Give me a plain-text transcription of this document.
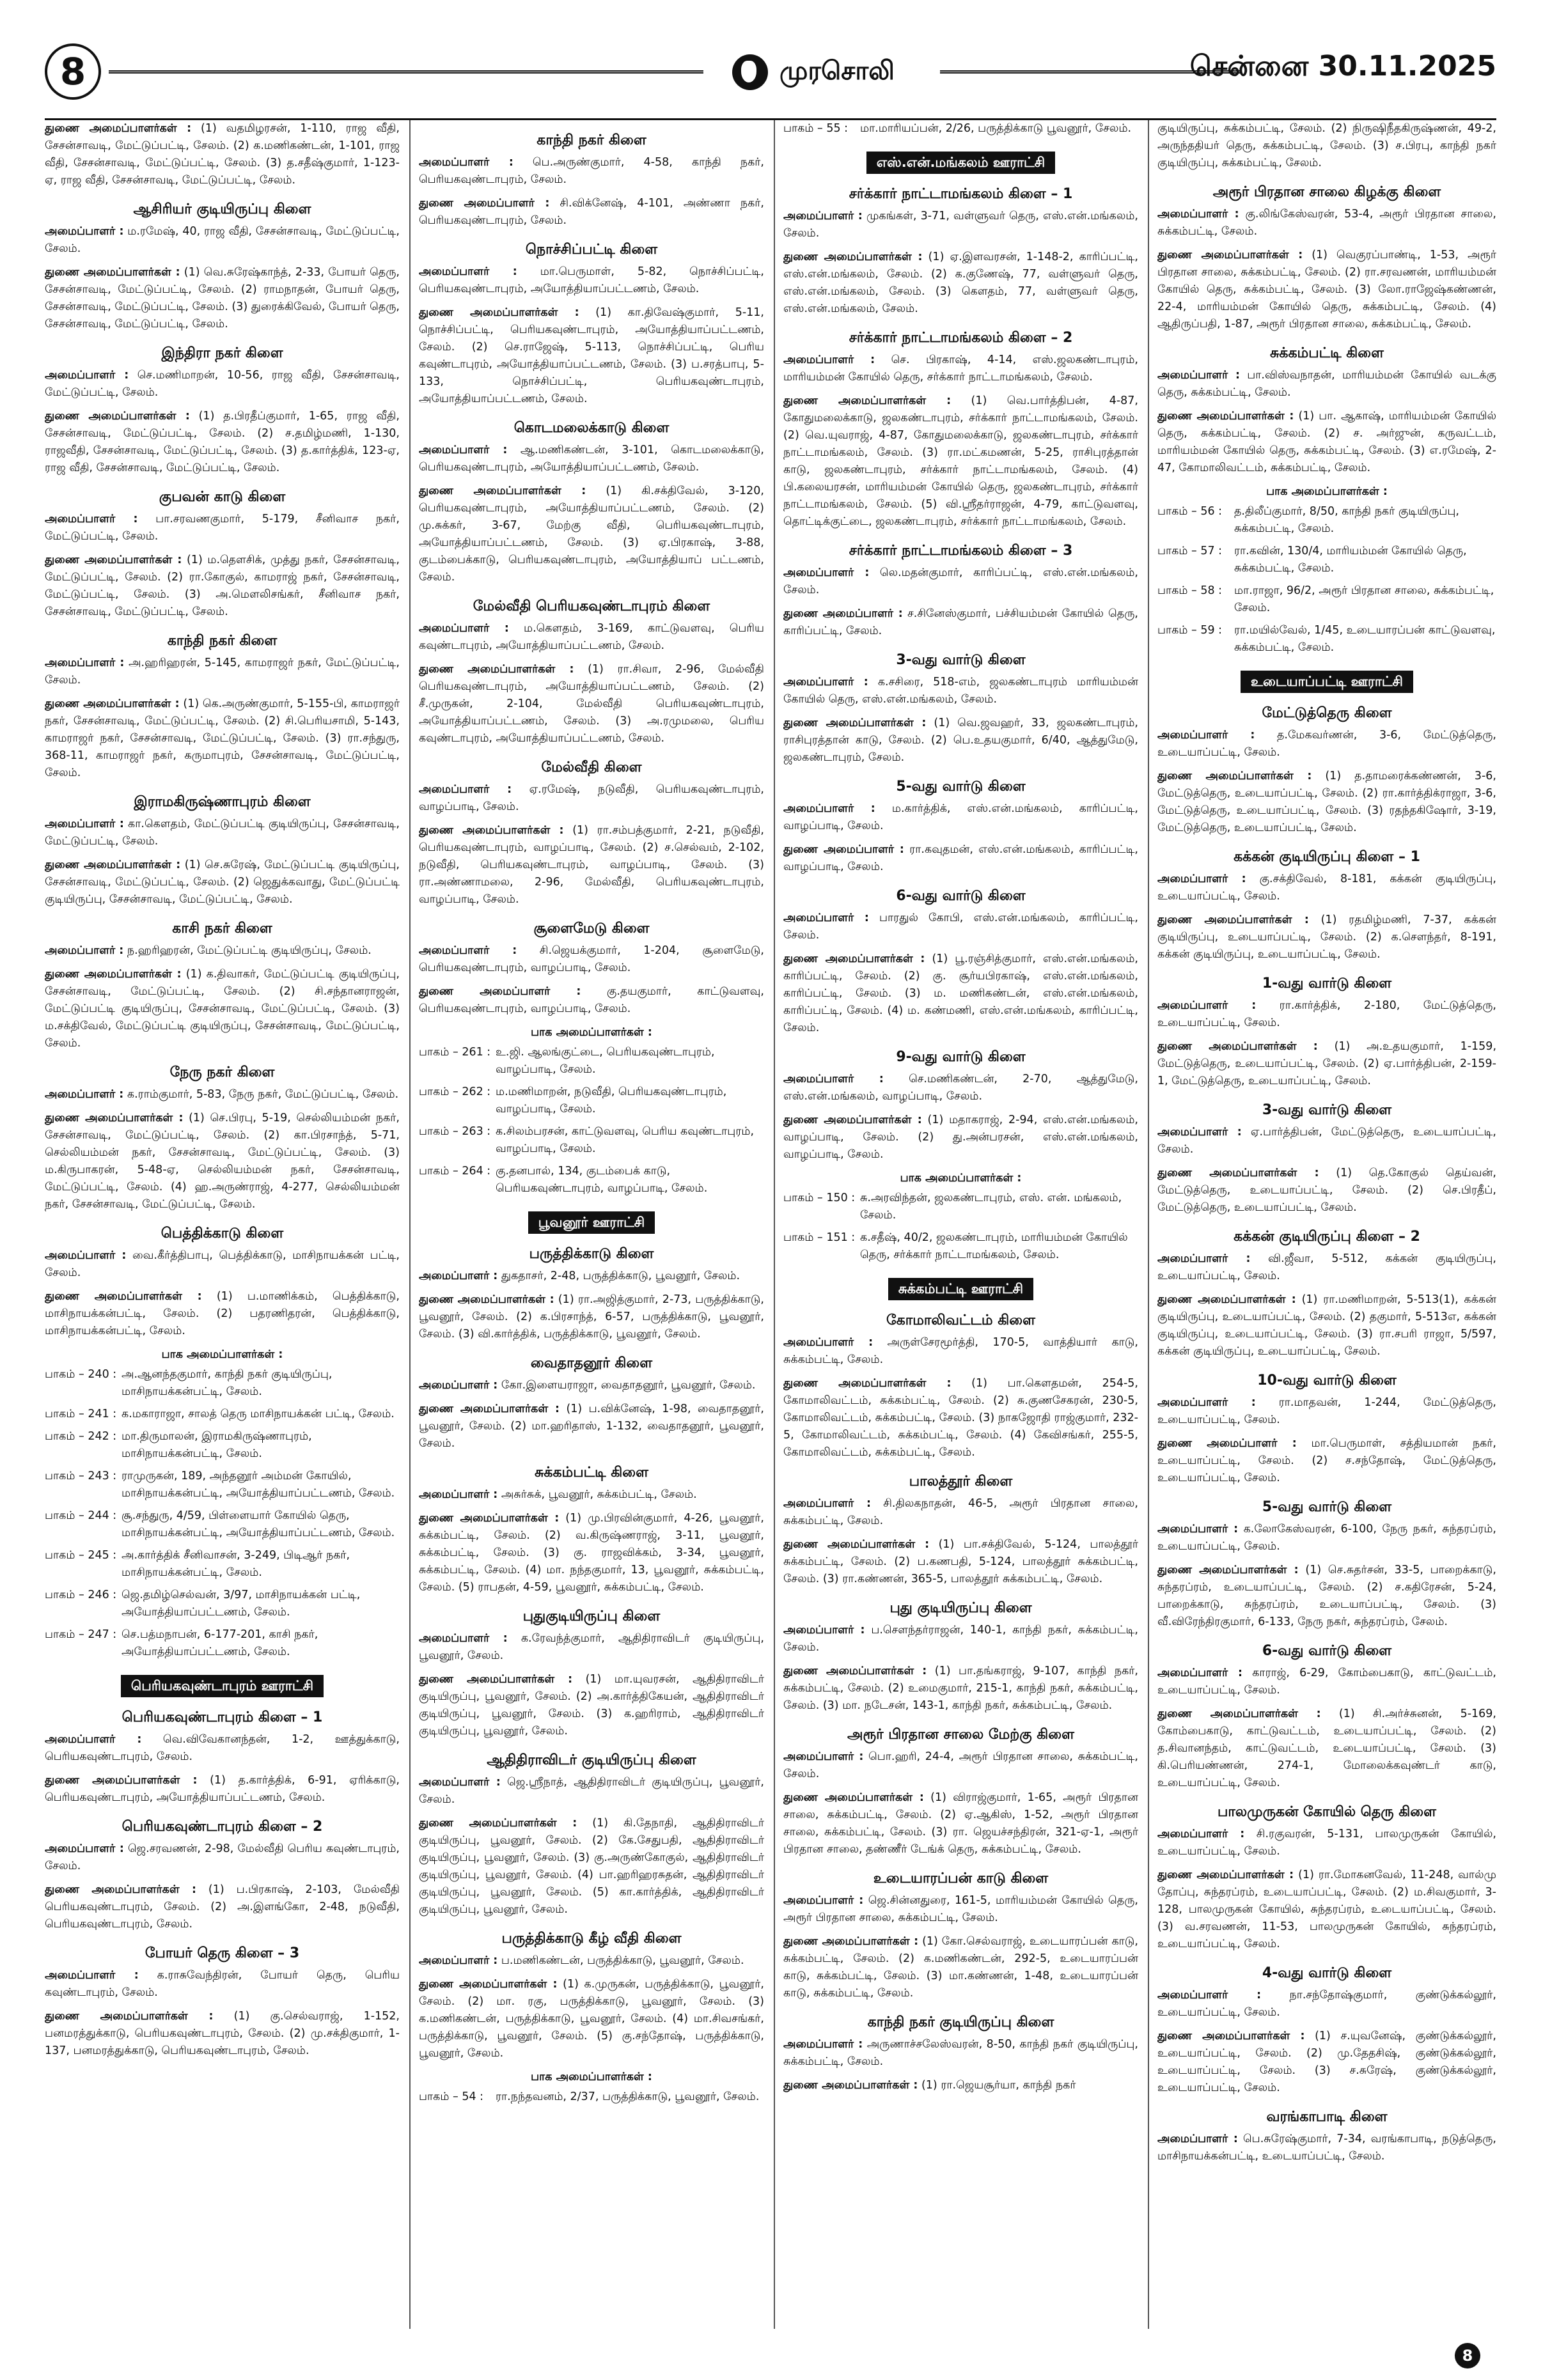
8	முரசொலி	சென்னை 30.11.2025

துணை அமைப்பாளர்கள் : (1) வதமிழரசன், 1-110, ராஜ வீதி, சேசன்சாவடி, மேட்டுப்பட்டி, சேலம். (2) க.மணிகண்டன், 1-101, ராஜ வீதி, சேசன்சாவடி, மேட்டுப்பட்டி, சேலம். (3) த.சதீஷ்குமார், 1-123-ஏ, ராஜ வீதி, சேசன்சாவடி, மேட்டுப்பட்டி, சேலம்.

ஆசிரியர் குடியிருப்பு கிளை

அமைப்பாளர் : ம.ரமேஷ், 40, ராஜ வீதி, சேசன்சாவடி, மேட்டுப்பட்டி, சேலம்.

துணை அமைப்பாளர்கள் : (1) வெ.சுரேஷ்காந்த், 2-33, போயர் தெரு, சேசன்சாவடி, மேட்டுப்பட்டி, சேலம். (2) ராமநாதன், போயர் தெரு, சேசன்சாவடி, மேட்டுப்பட்டி, சேலம். (3) துரைக்கிவேல், போயர் தெரு, சேசன்சாவடி, மேட்டுப்பட்டி, சேலம்.

இந்திரா நகர் கிளை

அமைப்பாளர் : செ.மணிமாறன், 10-56, ராஜ வீதி, சேசன்சாவடி, மேட்டுப்பட்டி, சேலம்.

துணை அமைப்பாளர்கள் : (1) த.பிரதீப்குமார், 1-65, ராஜ வீதி, சேசன்சாவடி, மேட்டுப்பட்டி, சேலம். (2) ச.தமிழ்மணி, 1-130, ராஜவீதி, சேசன்சாவடி, மேட்டுப்பட்டி, சேலம். (3) த.கார்த்திக், 123-ஏ, ராஜ வீதி, சேசன்சாவடி, மேட்டுப்பட்டி, சேலம்.

குபவன் காடு கிளை

அமைப்பாளர் : பா.சரவணகுமார், 5-179, சீனிவாச நகர், மேட்டுப்பட்டி, சேலம்.

துணை அமைப்பாளர்கள் : (1) ம.தெளசிக், முத்து நகர், சேசன்சாவடி, மேட்டுப்பட்டி, சேலம். (2) ரா.கோகுல், காமராஜ் நகர், சேசன்சாவடி, மேட்டுப்பட்டி, சேலம். (3) அ.மெளலிசங்கர், சீனிவாச நகர், சேசன்சாவடி, மேட்டுப்பட்டி, சேலம்.

காந்தி நகர் கிளை

அமைப்பாளர் : அ.ஹரிஹரன், 5-145, காமராஜர் நகர், மேட்டுப்பட்டி, சேலம்.

துணை அமைப்பாளர்கள் : (1) கெ.அருண்குமார், 5-155-பி, காமராஜர் நகர், சேசன்சாவடி, மேட்டுப்பட்டி, சேலம். (2) சி.பெரியசாமி, 5-143, காமராஜர் நகர், சேசன்சாவடி, மேட்டுப்பட்டி, சேலம். (3) ரா.சந்துரு, 368-11, காமராஜர் நகர், கருமாபுரம், சேசன்சாவடி, மேட்டுப்பட்டி, சேலம்.

இராமகிருஷ்ணாபுரம் கிளை

அமைப்பாளர் : கா.கௌதம், மேட்டுப்பட்டி குடியிருப்பு, சேசன்சாவடி, மேட்டுப்பட்டி, சேலம்.

துணை அமைப்பாளர்கள் : (1) செ.சுரேஷ், மேட்டுப்பட்டி குடியிருப்பு, சேசன்சாவடி, மேட்டுப்பட்டி, சேலம். (2) ஜெதுக்கவாது, மேட்டுப்பட்டி குடியிருப்பு, சேசன்சாவடி, மேட்டுப்பட்டி, சேலம்.

காசி நகர் கிளை

அமைப்பாளர் : ந.ஹரிஹரன், மேட்டுப்பட்டி குடியிருப்பு, சேலம்.

துணை அமைப்பாளர்கள் : (1) க.திவாகர், மேட்டுப்பட்டி குடியிருப்பு, சேசன்சாவடி, மேட்டுப்பட்டி, சேலம். (2) சி.சந்தானராஜன், மேட்டுப்பட்டி குடியிருப்பு, சேசன்சாவடி, மேட்டுப்பட்டி, சேலம். (3) ம.சக்திவேல், மேட்டுப்பட்டி குடியிருப்பு, சேசன்சாவடி, மேட்டுப்பட்டி, சேலம்.

நேரு நகர் கிளை

அமைப்பாளர் : க.ராம்குமார், 5-83, நேரு நகர், மேட்டுப்பட்டி, சேலம்.

துணை அமைப்பாளர்கள் : (1) செ.பிரபு, 5-19, செல்லியம்மன் நகர், சேசன்சாவடி, மேட்டுப்பட்டி, சேலம். (2) கா.பிரசாந்த், 5-71, செல்லியம்மன் நகர், சேசன்சாவடி, மேட்டுப்பட்டி, சேலம். (3) ம.கிருபாகரன், 5-48-ஏ, செல்லியம்மன் நகர், சேசன்சாவடி, மேட்டுப்பட்டி, சேலம். (4) ஹ.அருண்ராஜ், 4-277, செல்லியம்மன் நகர், சேசன்சாவடி, மேட்டுப்பட்டி, சேலம்.

பெத்திக்காடு கிளை

அமைப்பாளர் : வை.கீர்த்திபாபு, பெத்திக்காடு, மாசிநாயக்கன் பட்டி, சேலம்.

துணை அமைப்பாளர்கள் : (1) ப.மாணிக்கம், பெத்திக்காடு, மாசிநாயக்கன்பட்டி, சேலம். (2) பதரணிதரன், பெத்திக்காடு, மாசிநாயக்கன்பட்டி, சேலம்.

பாக அமைப்பாளர்கள் :
பாகம் – 240 : அ.ஆனந்தகுமார், காந்தி நகர் குடியிருப்பு, மாசிநாயக்கன்பட்டி, சேலம்.
பாகம் – 241 : க.மகாராஜா, சாலத் தெரு மாசிநாயக்கன் பட்டி, சேலம்.
பாகம் – 242 : மா.திருமாலன், இராமகிருஷ்ணாபுரம், மாசிநாயக்கன்பட்டி, சேலம்.
பாகம் – 243 : ராமுருகன், 189, அந்தனூர் அம்மன் கோயில், மாசிநாயக்கன்பட்டி, அயோத்தியாப்பட்டணம், சேலம்.
பாகம் – 244 : சூ.சந்துரு, 4/59, பிள்ளையார் கோயில் தெரு, மாசிநாயக்கன்பட்டி, அயோத்தியாப்பட்டணம், சேலம்.
பாகம் – 245 : அ.கார்த்திக் சீனிவாசன், 3-249, பிடிஆர் நகர், மாசிநாயக்கன்பட்டி, சேலம்.
பாகம் – 246 : ஜெ.தமிழ்செல்வன், 3/97, மாசிநாயக்கன் பட்டி, அயோத்தியாப்பட்டணம், சேலம்.
பாகம் – 247 : செ.பத்மநாபன், 6-177-201, காசி நகர், அயோத்தியாப்பட்டணம், சேலம்.
பெரியகவுண்டாபுரம் ஊராட்சி
பெரியகவுண்டாபுரம் கிளை – 1

அமைப்பாளர் : வெ.விவேகானந்தன், 1-2, ஊத்துக்காடு, பெரியகவுண்டாபுரம், சேலம்.

துணை அமைப்பாளர்கள் : (1) த.கார்த்திக், 6-91, ஏரிக்காடு, பெரியகவுண்டாபுரம், அயோத்தியாப்பட்டணம், சேலம்.

பெரியகவுண்டாபுரம் கிளை – 2

அமைப்பாளர் : ஜெ.சரவணன், 2-98, மேல்வீதி பெரிய கவுண்டாபுரம், சேலம்.

துணை அமைப்பாளர்கள் : (1) ப.பிரகாஷ், 2-103, மேல்வீதி பெரியகவுண்டாபுரம், சேலம். (2) அ.இளங்கோ, 2-48, நடுவீதி, பெரியகவுண்டாபுரம், சேலம்.

போயர் தெரு கிளை – 3

அமைப்பாளர் : க.ராசுவேந்திரன், போயர் தெரு, பெரிய கவுண்டாபுரம், சேலம்.

துணை அமைப்பாளர்கள் : (1) கு.செல்வராஜ், 1-152, பனமரத்துக்காடு, பெரியகவுண்டாபுரம், சேலம். (2) மு.சக்திகுமார், 1-137, பனமரத்துக்காடு, பெரியகவுண்டாபுரம், சேலம்.

காந்தி நகர் கிளை

அமைப்பாளர் : பெ.அருண்குமார், 4-58, காந்தி நகர், பெரியகவுண்டாபுரம், சேலம்.

துணை அமைப்பாளர் : சி.விக்னேஷ், 4-101, அண்ணா நகர், பெரியகவுண்டாபுரம், சேலம்.

நொச்சிப்பட்டி கிளை

அமைப்பாளர் : மா.பெருமாள், 5-82, நொச்சிப்பட்டி, பெரியகவுண்டாபுரம், அயோத்தியாப்பட்டணம், சேலம்.

துணை அமைப்பாளர்கள் : (1) கா.திவேஷ்குமார், 5-11, நொச்சிப்பட்டி, பெரியகவுண்டாபுரம், அயோத்தியாப்பட்டணம், சேலம். (2) செ.ராஜேஷ், 5-113, நொச்சிப்பட்டி, பெரிய கவுண்டாபுரம், அயோத்தியாப்பட்டணம், சேலம். (3) ப.சரத்பாபு, 5-133, நொச்சிப்பட்டி, பெரியகவுண்டாபுரம், அயோத்தியாப்பட்டணம், சேலம்.

கொடமலைக்காடு கிளை

அமைப்பாளர் : ஆ.மணிகண்டன், 3-101, கொடமலைக்காடு, பெரியகவுண்டாபுரம், அயோத்தியாப்பட்டணம், சேலம்.

துணை அமைப்பாளர்கள் : (1) கி.சக்திவேல், 3-120, பெரியகவுண்டாபுரம், அயோத்தியாப்பட்டணம், சேலம். (2) மு.சுக்கர், 3-67, மேற்கு வீதி, பெரியகவுண்டாபுரம், அயோத்தியாப்பட்டணம், சேலம். (3) ஏ.பிரகாஷ், 3-88, குடம்பைக்காடு, பெரியகவுண்டாபுரம், அயோத்தியாப் பட்டணம், சேலம்.

மேல்வீதி பெரியகவுண்டாபுரம் கிளை

அமைப்பாளர் : ம.கௌதம், 3-169, காட்டுவளவு, பெரிய கவுண்டாபுரம், அயோத்தியாப்பட்டணம், சேலம்.

துணை அமைப்பாளர்கள் : (1) ரா.சிவா, 2-96, மேல்வீதி பெரியகவுண்டாபுரம், அயோத்தியாப்பட்டணம், சேலம். (2) சீ.முருகன், 2-104, மேல்வீதி பெரியகவுண்டாபுரம், அயோத்தியாப்பட்டணம், சேலம். (3) அ.ரமுமலை, பெரிய கவுண்டாபுரம், அயோத்தியாப்பட்டணம், சேலம்.

மேல்வீதி கிளை

அமைப்பாளர் : ஏ.ரமேஷ், நடுவீதி, பெரியகவுண்டாபுரம், வாழப்பாடி, சேலம்.

துணை அமைப்பாளர்கள் : (1) ரா.சம்பத்குமார், 2-21, நடுவீதி, பெரியகவுண்டாபுரம், வாழப்பாடி, சேலம். (2) ச.செல்வம், 2-102, நடுவீதி, பெரியகவுண்டாபுரம், வாழப்பாடி, சேலம். (3) ரா.அண்ணாமலை, 2-96, மேல்வீதி, பெரியகவுண்டாபுரம், வாழப்பாடி, சேலம்.

சூளைமேடு கிளை

அமைப்பாளர் : சி.ஜெயக்குமார், 1-204, சூளைமேடு, பெரியகவுண்டாபுரம், வாழப்பாடி, சேலம்.

துணை அமைப்பாளர் : கு.தயகுமார், காட்டுவளவு, பெரியகவுண்டாபுரம், வாழப்பாடி, சேலம்.

பாக அமைப்பாளர்கள் :
பாகம் – 261 : உ.ஜி. ஆலங்குட்டை, பெரியகவுண்டாபுரம், வாழப்பாடி, சேலம்.
பாகம் – 262 : ம.மணிமாறன், நடுவீதி, பெரியகவுண்டாபுரம், வாழப்பாடி, சேலம்.
பாகம் – 263 : க.சிலம்பரசன், காட்டுவளவு, பெரிய கவுண்டாபுரம், வாழப்பாடி, சேலம்.
பாகம் – 264 : கு.தனபால், 134, குடம்பைக் காடு, பெரியகவுண்டாபுரம், வாழப்பாடி, சேலம்.
பூவனூர் ஊராட்சி
பருத்திக்காடு கிளை

அமைப்பாளர் : துகதாசர், 2-48, பருத்திக்காடு, பூவனூர், சேலம்.

துணை அமைப்பாளர்கள் : (1) ரா.அஜித்குமார், 2-73, பருத்திக்காடு, பூவனூர், சேலம். (2) க.பிரசாந்த், 6-57, பருத்திக்காடு, பூவனூர், சேலம். (3) வி.கார்த்திக், பருத்திக்காடு, பூவனூர், சேலம்.

வைதாதனூர் கிளை

அமைப்பாளர் : கோ.இளையராஜா, வைதாதனூர், பூவனூர், சேலம்.

துணை அமைப்பாளர்கள் : (1) ப.விக்னேஷ், 1-98, வைதாதனூர், பூவனூர், சேலம். (2) மா.ஹரிதாஸ், 1-132, வைதாதனூர், பூவனூர், சேலம்.

சுக்கம்பட்டி கிளை

அமைப்பாளர் : அசுர்சுக், பூவனூர், சுக்கம்பட்டி, சேலம்.

துணை அமைப்பாளர்கள் : (1) மு.பிரவின்குமார், 4-26, பூவனூர், சுக்கம்பட்டி, சேலம். (2) வ.கிருஷ்ணராஜ், 3-11, பூவனூர், சுக்கம்பட்டி, சேலம். (3) கு. ராஜவிக்கம், 3-34, பூவனூர், சுக்கம்பட்டி, சேலம். (4) மா. நந்தகுமார், 13, பூவனூர், சுக்கம்பட்டி, சேலம். (5) ராபதன், 4-59, பூவனூர், சுக்கம்பட்டி, சேலம்.

புதுகுடியிருப்பு கிளை

அமைப்பாளர் : க.ரேவந்த்குமார், ஆதிதிராவிடர் குடியிருப்பு, பூவனூர், சேலம்.

துணை அமைப்பாளர்கள் : (1) மா.யுவரசன், ஆதிதிராவிடர் குடியிருப்பு, பூவனூர், சேலம். (2) அ.கார்த்திகேயன், ஆதிதிராவிடர் குடியிருப்பு, பூவனூர், சேலம். (3) க.ஹரிராம், ஆதிதிராவிடர் குடியிருப்பு, பூவனூர், சேலம்.

ஆதிதிராவிடர் குடியிருப்பு கிளை

அமைப்பாளர் : ஜெ.ஸ்ரீநாத், ஆதிதிராவிடர் குடியிருப்பு, பூவனூர், சேலம்.

துணை அமைப்பாளர்கள் : (1) கி.தேநாதி, ஆதிதிராவிடர் குடியிருப்பு, பூவனூர், சேலம். (2) கே.சேதுபதி, ஆதிதிராவிடர் குடியிருப்பு, பூவனூர், சேலம். (3) கு.அருண்கோகுல், ஆதிதிராவிடர் குடியிருப்பு, பூவனூர், சேலம். (4) பா.ஹரிஹரசுதன், ஆதிதிராவிடர் குடியிருப்பு, பூவனூர், சேலம். (5) கா.கார்த்திக், ஆதிதிராவிடர் குடியிருப்பு, பூவனூர், சேலம்.

பருத்திக்காடு கீழ் வீதி கிளை

அமைப்பாளர் : ப.மணிகண்டன், பருத்திக்காடு, பூவனூர், சேலம்.

துணை அமைப்பாளர்கள் : (1) க.முருகன், பருத்திக்காடு, பூவனூர், சேலம். (2) மா. ரகு, பருத்திக்காடு, பூவனூர், சேலம். (3) க.மணிகண்டன், பருத்திக்காடு, பூவனூர், சேலம். (4) மா.சிவசங்கர், பருத்திக்காடு, பூவனூர், சேலம். (5) கு.சந்தோஷ், பருத்திக்காடு, பூவனூர், சேலம்.

பாக அமைப்பாளர்கள் :
பாகம் – 54 :	ரா.நந்தவனம், 2/37, பருத்திக்காடு, பூவனூர், சேலம்.
பாகம் – 55 :	மா.மாரியப்பன், 2/26, பருத்திக்காடு பூவனூர், சேலம்.
எஸ்.என்.மங்கலம் ஊராட்சி
சர்க்கார் நாட்டாமங்கலம் கிளை – 1

அமைப்பாளர் : முகங்கள், 3-71, வள்ளுவர் தெரு, எஸ்.என்.மங்கலம், சேலம்.

துணை அமைப்பாளர்கள் : (1) ஏ.இளவரசன், 1-148-2, காரிப்பட்டி, எஸ்.என்.மங்கலம், சேலம். (2) க.குணேஷ், 77, வள்ளுவர் தெரு, எஸ்.என்.மங்கலம், சேலம். (3) கௌதம், 77, வள்ளுவர் தெரு, எஸ்.என்.மங்கலம், சேலம்.

சர்க்கார் நாட்டாமங்கலம் கிளை – 2

அமைப்பாளர் : செ. பிரகாஷ், 4-14, எஸ்.ஜலகண்டாபுரம், மாரியம்மன் கோயில் தெரு, சர்க்கார் நாட்டாமங்கலம், சேலம்.

துணை அமைப்பாளர்கள் : (1) வெ.பார்த்திபன், 4-87, கோதுமலைக்காடு, ஜலகண்டாபுரம், சர்க்கார் நாட்டாமங்கலம், சேலம். (2) வெ.யுவராஜ், 4-87, கோதுமலைக்காடு, ஜலகண்டாபுரம், சர்க்கார் நாட்டாமங்கலம், சேலம். (3) ரா.மட்கமணன், 5-25, ராசிபுரத்தான் காடு, ஜலகண்டாபுரம், சர்க்கார் நாட்டாமங்கலம், சேலம். (4) பி.கலையரசன், மாரியம்மன் கோயில் தெரு, ஜலகண்டாபுரம், சர்க்கார் நாட்டாமங்கலம், சேலம். (5) வி.ஸ்ரீதர்ராஜன், 4-79, காட்டுவளவு, தொட்டிக்குட்டை, ஜலகண்டாபுரம், சர்க்கார் நாட்டாமங்கலம், சேலம்.

சர்க்கார் நாட்டாமங்கலம் கிளை – 3

அமைப்பாளர் : லெ.மதன்குமார், காரிப்பட்டி, எஸ்.என்.மங்கலம், சேலம்.

துணை அமைப்பாளர் : ச.சினேஸ்குமார், பச்சியம்மன் கோயில் தெரு, காரிப்பட்டி, சேலம்.

3-வது வார்டு கிளை

அமைப்பாளர் : க.சசிரை, 518-எம், ஜலகண்டாபுரம் மாரியம்மன் கோயில் தெரு, எஸ்.என்.மங்கலம், சேலம்.

துணை அமைப்பாளர்கள் : (1) வெ.ஜவஹர், 33, ஜலகண்டாபுரம், ராசிபுரத்தான் காடு, சேலம். (2) பெ.உதயகுமார், 6/40, ஆத்துமேடு, ஜலகண்டாபுரம், சேலம்.

5-வது வார்டு கிளை

அமைப்பாளர் : ம.கார்த்திக், எஸ்.என்.மங்கலம், காரிப்பட்டி, வாழப்பாடி, சேலம்.

துணை அமைப்பாளர் : ரா.கவுதமன், எஸ்.என்.மங்கலம், காரிப்பட்டி, வாழப்பாடி, சேலம்.

6-வது வார்டு கிளை

அமைப்பாளர் : பாரதுல் கோபி, எஸ்.என்.மங்கலம், காரிப்பட்டி, சேலம்.

துணை அமைப்பாளர்கள் : (1) பூ.ரஞ்சித்குமார், எஸ்.என்.மங்கலம், காரிப்பட்டி, சேலம். (2) கு. சூர்யபிரகாஷ், எஸ்.என்.மங்கலம், காரிப்பட்டி, சேலம். (3) ம. மணிகண்டன், எஸ்.என்.மங்கலம், காரிப்பட்டி, சேலம். (4) ம. கண்மணி, எஸ்.என்.மங்கலம், காரிப்பட்டி, சேலம்.

9-வது வார்டு கிளை

அமைப்பாளர் : செ.மணிகண்டன், 2-70, ஆத்துமேடு, எஸ்.என்.மங்கலம், வாழப்பாடி, சேலம்.

துணை அமைப்பாளர்கள் : (1) மதாகராஜ், 2-94, எஸ்.என்.மங்கலம், வாழப்பாடி, சேலம். (2) து.அன்பரசன், எஸ்.என்.மங்கலம், வாழப்பாடி, சேலம்.

பாக அமைப்பாளர்கள் :
பாகம் – 150 : சு.அரவிந்தன், ஜலகண்டாபுரம், எஸ். என். மங்கலம், சேலம்.
பாகம் – 151 : க.சதீஷ், 40/2, ஜலகண்டாபுரம், மாரியம்மன் கோயில் தெரு, சர்க்கார் நாட்டாமங்கலம், சேலம்.
சுக்கம்பட்டி ஊராட்சி
கோமாலிவட்டம் கிளை

அமைப்பாளர் : அருள்சேரமூர்த்தி, 170-5, வாத்தியார் காடு, சுக்கம்பட்டி, சேலம்.

துணை அமைப்பாளர்கள் : (1) பா.கௌதமன், 254-5, கோமாலிவட்டம், சுக்கம்பட்டி, சேலம். (2) சு.குணசேகரன், 230-5, கோமாலிவட்டம், சுக்கம்பட்டி, சேலம். (3) நாகஜோதி ராஜ்குமார், 232-5, கோமாலிவட்டம், சுக்கம்பட்டி, சேலம். (4) கேவிசங்கர், 255-5, கோமாலிவட்டம், சுக்கம்பட்டி, சேலம்.

பாலத்தூர் கிளை

அமைப்பாளர் : சி.திலகநாதன், 46-5, அரூர் பிரதான சாலை, சுக்கம்பட்டி, சேலம்.

துணை அமைப்பாளர்கள் : (1) பா.சக்திவேல், 5-124, பாலத்தூர் சுக்கம்பட்டி, சேலம். (2) ப.கணபதி, 5-124, பாலத்தூர் சுக்கம்பட்டி, சேலம். (3) ரா.கண்ணன், 365-5, பாலத்தூர் சுக்கம்பட்டி, சேலம்.

புது குடியிருப்பு கிளை

அமைப்பாளர் : ப.செளந்தர்ராஜன், 140-1, காந்தி நகர், சுக்கம்பட்டி, சேலம்.

துணை அமைப்பாளர்கள் : (1) பா.தங்கராஜ், 9-107, காந்தி நகர், சுக்கம்பட்டி, சேலம். (2) உமைகுமார், 215-1, காந்தி நகர், சுக்கம்பட்டி, சேலம். (3) மா. நடேசன், 143-1, காந்தி நகர், சுக்கம்பட்டி, சேலம்.

அரூர் பிரதான சாலை மேற்கு கிளை

அமைப்பாளர் : பொ.ஹரி, 24-4, அரூர் பிரதான சாலை, சுக்கம்பட்டி, சேலம்.

துணை அமைப்பாளர்கள் : (1) விராஜ்குமார், 1-65, அரூர் பிரதான சாலை, சுக்கம்பட்டி, சேலம். (2) ஏ.ஆகிஸ், 1-52, அரூர் பிரதான சாலை, சுக்கம்பட்டி, சேலம். (3) ரா. ஜெயச்சந்திரன், 321-ஏ-1, அரூர் பிரதான சாலை, தண்ணீர் டேங்க் தெரு, சுக்கம்பட்டி, சேலம்.

உடையாரப்பன் காடு கிளை

அமைப்பாளர் : ஜெ.சின்னதுரை, 161-5, மாரியம்மன் கோயில் தெரு, அரூர் பிரதான சாலை, சுக்கம்பட்டி, சேலம்.

துணை அமைப்பாளர்கள் : (1) கோ.செல்வராஜ், உடையாரப்பன் காடு, சுக்கம்பட்டி, சேலம். (2) க.மணிகண்டன், 292-5, உடையாரப்பன் காடு, சுக்கம்பட்டி, சேலம். (3) மா.கண்ணன், 1-48, உடையாரப்பன் காடு, சுக்கம்பட்டி, சேலம்.

காந்தி நகர் குடியிருப்பு கிளை

அமைப்பாளர் : அருணாச்சலேஸ்வரன், 8-50, காந்தி நகர் குடியிருப்பு, சுக்கம்பட்டி, சேலம்.

துணை அமைப்பாளர்கள் : (1) ரா.ஜெயசூர்யா, காந்தி நகர்

குடியிருப்பு, சுக்கம்பட்டி, சேலம். (2) நிருஷிநீதகிருஷ்ணன், 49-2, அருந்ததியர் தெரு, சுக்கம்பட்டி, சேலம். (3) ச.பிரபு, காந்தி நகர் குடியிருப்பு, சுக்கம்பட்டி, சேலம்.

அரூர் பிரதான சாலை கிழக்கு கிளை

அமைப்பாளர் : கு.லிங்கேஸ்வரன், 53-4, அரூர் பிரதான சாலை, சுக்கம்பட்டி, சேலம்.

துணை அமைப்பாளர்கள் : (1) வெகுரப்பாண்டி, 1-53, அரூர் பிரதான சாலை, சுக்கம்பட்டி, சேலம். (2) ரா.சரவணன், மாரியம்மன் கோயில் தெரு, சுக்கம்பட்டி, சேலம். (3) லோ.ராஜேஷ்கண்ணன், 22-4, மாரியம்மன் கோயில் தெரு, சுக்கம்பட்டி, சேலம். (4) ஆதிருப்பதி, 1-87, அரூர் பிரதான சாலை, சுக்கம்பட்டி, சேலம்.

சுக்கம்பட்டி கிளை

அமைப்பாளர் : பா.விஸ்வநாதன், மாரியம்மன் கோயில் வடக்கு தெரு, சுக்கம்பட்டி, சேலம்.

துணை அமைப்பாளர்கள் : (1) பா. ஆகாஷ், மாரியம்மன் கோயில் தெரு, சுக்கம்பட்டி, சேலம். (2) ச. அர்ஜுன், கருவட்டம், மாரியம்மன் கோயில் தெரு, சுக்கம்பட்டி, சேலம். (3) எ.ரமேஷ், 2-47, கோமாலிவட்டம், சுக்கம்பட்டி, சேலம்.

பாக அமைப்பாளர்கள் :
பாகம் – 56 :	த.திலீப்குமார், 8/50, காந்தி நகர் குடியிருப்பு, சுக்கம்பட்டி, சேலம்.
பாகம் – 57 :	ரா.கவின், 130/4, மாரியம்மன் கோயில் தெரு, சுக்கம்பட்டி, சேலம்.
பாகம் – 58 :	மா.ராஜா, 96/2, அரூர் பிரதான சாலை, சுக்கம்பட்டி, சேலம்.
பாகம் – 59 :	ரா.மயில்வேல், 1/45, உடையாரப்பன் காட்டுவளவு, சுக்கம்பட்டி, சேலம்.
உடையாப்பட்டி ஊராட்சி
மேட்டுத்தெரு கிளை

அமைப்பாளர் : த.மேகவர்ணன், 3-6, மேட்டுத்தெரு, உடையாப்பட்டி, சேலம்.

துணை அமைப்பாளர்கள் : (1) த.தாமரைக்கண்ணன், 3-6, மேட்டுத்தெரு, உடையாப்பட்டி, சேலம். (2) ரா.கார்த்திக்ராஜா, 3-6, மேட்டுத்தெரு, உடையாப்பட்டி, சேலம். (3) ரதந்தகிஷோர், 3-19, மேட்டுத்தெரு, உடையாப்பட்டி, சேலம்.

கக்கன் குடியிருப்பு கிளை – 1

அமைப்பாளர் : கு.சக்திவேல், 8-181, கக்கன் குடியிருப்பு, உடையாப்பட்டி, சேலம்.

துணை அமைப்பாளர்கள் : (1) ரதமிழ்மணி, 7-37, கக்கன் குடியிருப்பு, உடையாப்பட்டி, சேலம். (2) க.செளந்தர், 8-191, கக்கன் குடியிருப்பு, உடையாப்பட்டி, சேலம்.

1-வது வார்டு கிளை

அமைப்பாளர் : ரா.கார்த்திக், 2-180, மேட்டுத்தெரு, உடையாப்பட்டி, சேலம்.

துணை அமைப்பாளர்கள் : (1) அ.உதயகுமார், 1-159, மேட்டுத்தெரு, உடையாப்பட்டி, சேலம். (2) ஏ.பார்த்திபன், 2-159-1, மேட்டுத்தெரு, உடையாப்பட்டி, சேலம்.

3-வது வார்டு கிளை

அமைப்பாளர் : ஏ.பார்த்திபன், மேட்டுத்தெரு, உடையாப்பட்டி, சேலம்.

துணை அமைப்பாளர்கள் : (1) தெ.கோகுல் தெய்வன், மேட்டுத்தெரு, உடையாப்பட்டி, சேலம். (2) செ.பிரதீப், மேட்டுத்தெரு, உடையாப்பட்டி, சேலம்.

கக்கன் குடியிருப்பு கிளை – 2

அமைப்பாளர் : வி.ஜீவா, 5-512, கக்கன் குடியிருப்பு, உடையாப்பட்டி, சேலம்.

துணை அமைப்பாளர்கள் : (1) ரா.மணிமாறன், 5-513(1), கக்கன் குடியிருப்பு, உடையாப்பட்டி, சேலம். (2) தகுமார், 5-513எ, கக்கன் குடியிருப்பு, உடையாப்பட்டி, சேலம். (3) ரா.சபரி ராஜா, 5/597, கக்கன் குடியிருப்பு, உடையாப்பட்டி, சேலம்.

10-வது வார்டு கிளை

அமைப்பாளர் : ரா.மாதவன், 1-244, மேட்டுத்தெரு, உடையாப்பட்டி, சேலம்.

துணை அமைப்பாளர் : மா.பெருமாள், சத்தியமான் நகர், உடையாப்பட்டி, சேலம். (2) ச.சந்தோஷ், மேட்டுத்தெரு, உடையாப்பட்டி, சேலம்.

5-வது வார்டு கிளை

அமைப்பாளர் : க.லோகேஸ்வரன், 6-100, நேரு நகர், சுந்தரப்ரம், உடையாப்பட்டி, சேலம்.

துணை அமைப்பாளர்கள் : (1) செ.சுதர்சன், 33-5, பாறைக்காடு, சுந்தரப்ரம், உடையாப்பட்டி, சேலம். (2) ச.கதிரேசன், 5-24, பாறைக்காடு, சுந்தரப்ரம், உடையாப்பட்டி, சேலம். (3) வீ.விரேந்திரகுமார், 6-133, நேரு நகர், சுந்தரப்ரம், சேலம்.

6-வது வார்டு கிளை

அமைப்பாளர் : காராஜ், 6-29, கோம்பைகாடு, காட்டுவட்டம், உடையாப்பட்டி, சேலம்.

துணை அமைப்பாளர்கள் : (1) சி.அர்ச்சுனன், 5-169, கோம்பைகாடு, காட்டுவட்டம், உடையாப்பட்டி, சேலம். (2) த.சிவானந்தம், காட்டுவட்டம், உடையாப்பட்டி, சேலம். (3) கி.பெரியண்ணன், 274-1, மோலைக்கவுண்டர் காடு, உடையாப்பட்டி, சேலம்.

பாலமுருகன் கோயில் தெரு கிளை

அமைப்பாளர் : சி.ரகுவரன், 5-131, பாலமுருகன் கோயில், உடையாப்பட்டி, சேலம்.

துணை அமைப்பாளர்கள் : (1) ரா.மோகனவேல், 11-248, வால்மு தோப்பு, சுந்தரப்ரம், உடையாப்பட்டி, சேலம். (2) ம.சிவகுமார், 3-128, பாலமுருகன் கோயில், சுந்தரப்ரம், உடையாப்பட்டி, சேலம். (3) வ.சரவணன், 11-53, பாலமுருகன் கோயில், சுந்தரப்ரம், உடையாப்பட்டி, சேலம்.

4-வது வார்டு கிளை

அமைப்பாளர் :	நா.சந்தோஷ்குமார், குண்டுக்கல்லூர், உடையாப்பட்டி, சேலம்.

துணை அமைப்பாளர்கள் : (1) ச.யுவனேஷ், குண்டுக்கல்லூர், உடையாப்பட்டி, சேலம். (2) மு.தேதசிஷ், குண்டுக்கல்லூர், உடையாப்பட்டி, சேலம். (3) ச.சுரேஷ், குண்டுக்கல்லூர், உடையாப்பட்டி, சேலம்.

வரங்காபாடி கிளை

அமைப்பாளர் : பெ.சுரேஷ்குமார், 7-34, வரங்காபாடி, நடுத்தெரு, மாசிநாயக்கன்பட்டி, உடையாப்பட்டி, சேலம்.

8
